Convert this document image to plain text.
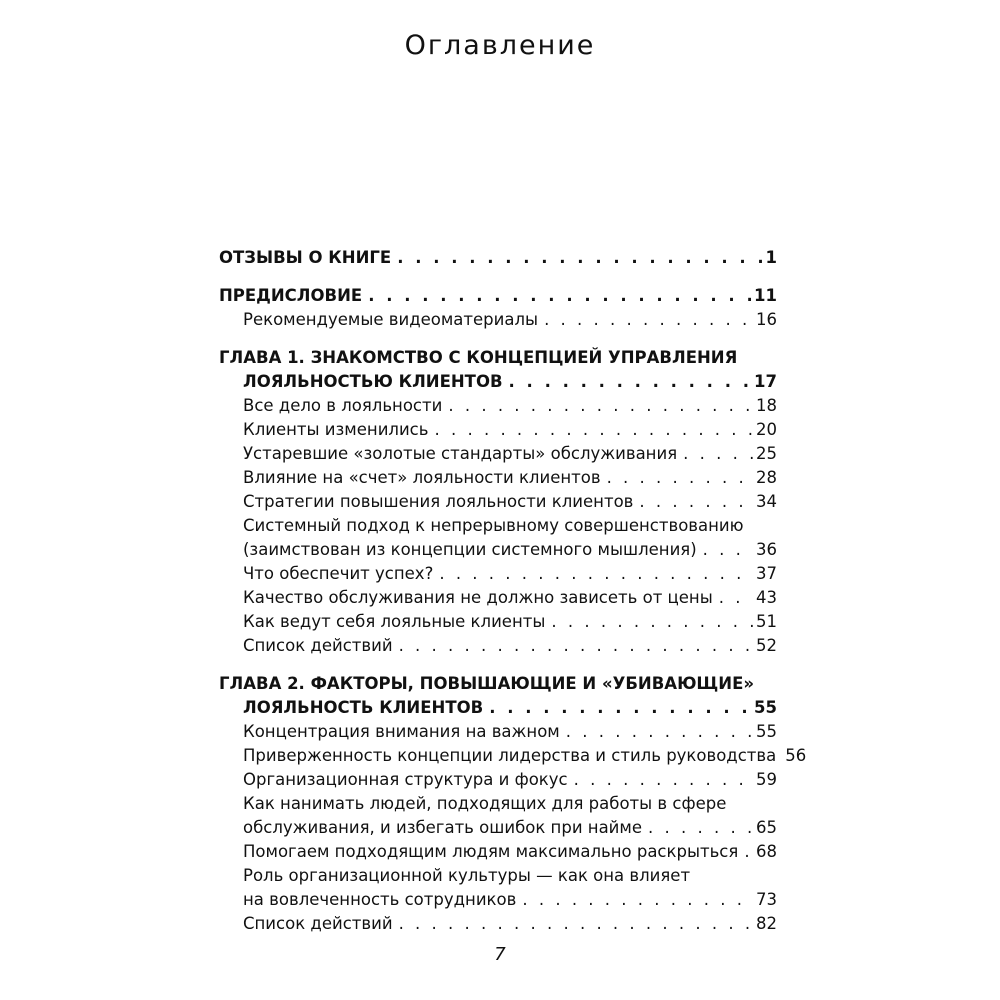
Оглавление
ОТЗЫВЫ О КНИГЕ . . .	1
ПРЕДИСЛОВИЕ . . .	11
Рекомендуемые видеоматериалы . . .	16
ГЛАВА 1. ЗНАКОМСТВО С КОНЦЕПЦИЕЙ УПРАВЛЕНИЯ
ЛОЯЛЬНОСТЬЮ КЛИЕНТОВ . . .	17
Все дело в лояльности . . .	18
Клиенты изменились . . .	20
Устаревшие «золотые стандарты» обслуживания . . .	25
Влияние на «счет» лояльности клиентов . . .	28
Стратегии повышения лояльности клиентов . . .	34
Системный подход к непрерывному совершенствованию
(заимствован из концепции системного мышления) . . .	36
Что обеспечит успех? . . .	37
Качество обслуживания не должно зависеть от цены . . .	43
Как ведут себя лояльные клиенты . . .	51
Список действий . . .	52
ГЛАВА 2. ФАКТОРЫ, ПОВЫШАЮЩИЕ И «УБИВАЮЩИЕ»
ЛОЯЛЬНОСТЬ КЛИЕНТОВ . . .	55
Концентрация внимания на важном . . .	55
Приверженность концепции лидерства и стиль руководства 56
Организационная структура и фокус . . .	59
Как нанимать людей, подходящих для работы в сфере
обслуживания, и избегать ошибок при найме . . .	65
Помогаем подходящим людям максимально раскрыться . . . 68
Роль организационной культуры — как она влияет
на вовлеченность сотрудников . . .	73
Список действий . . .	82
7
